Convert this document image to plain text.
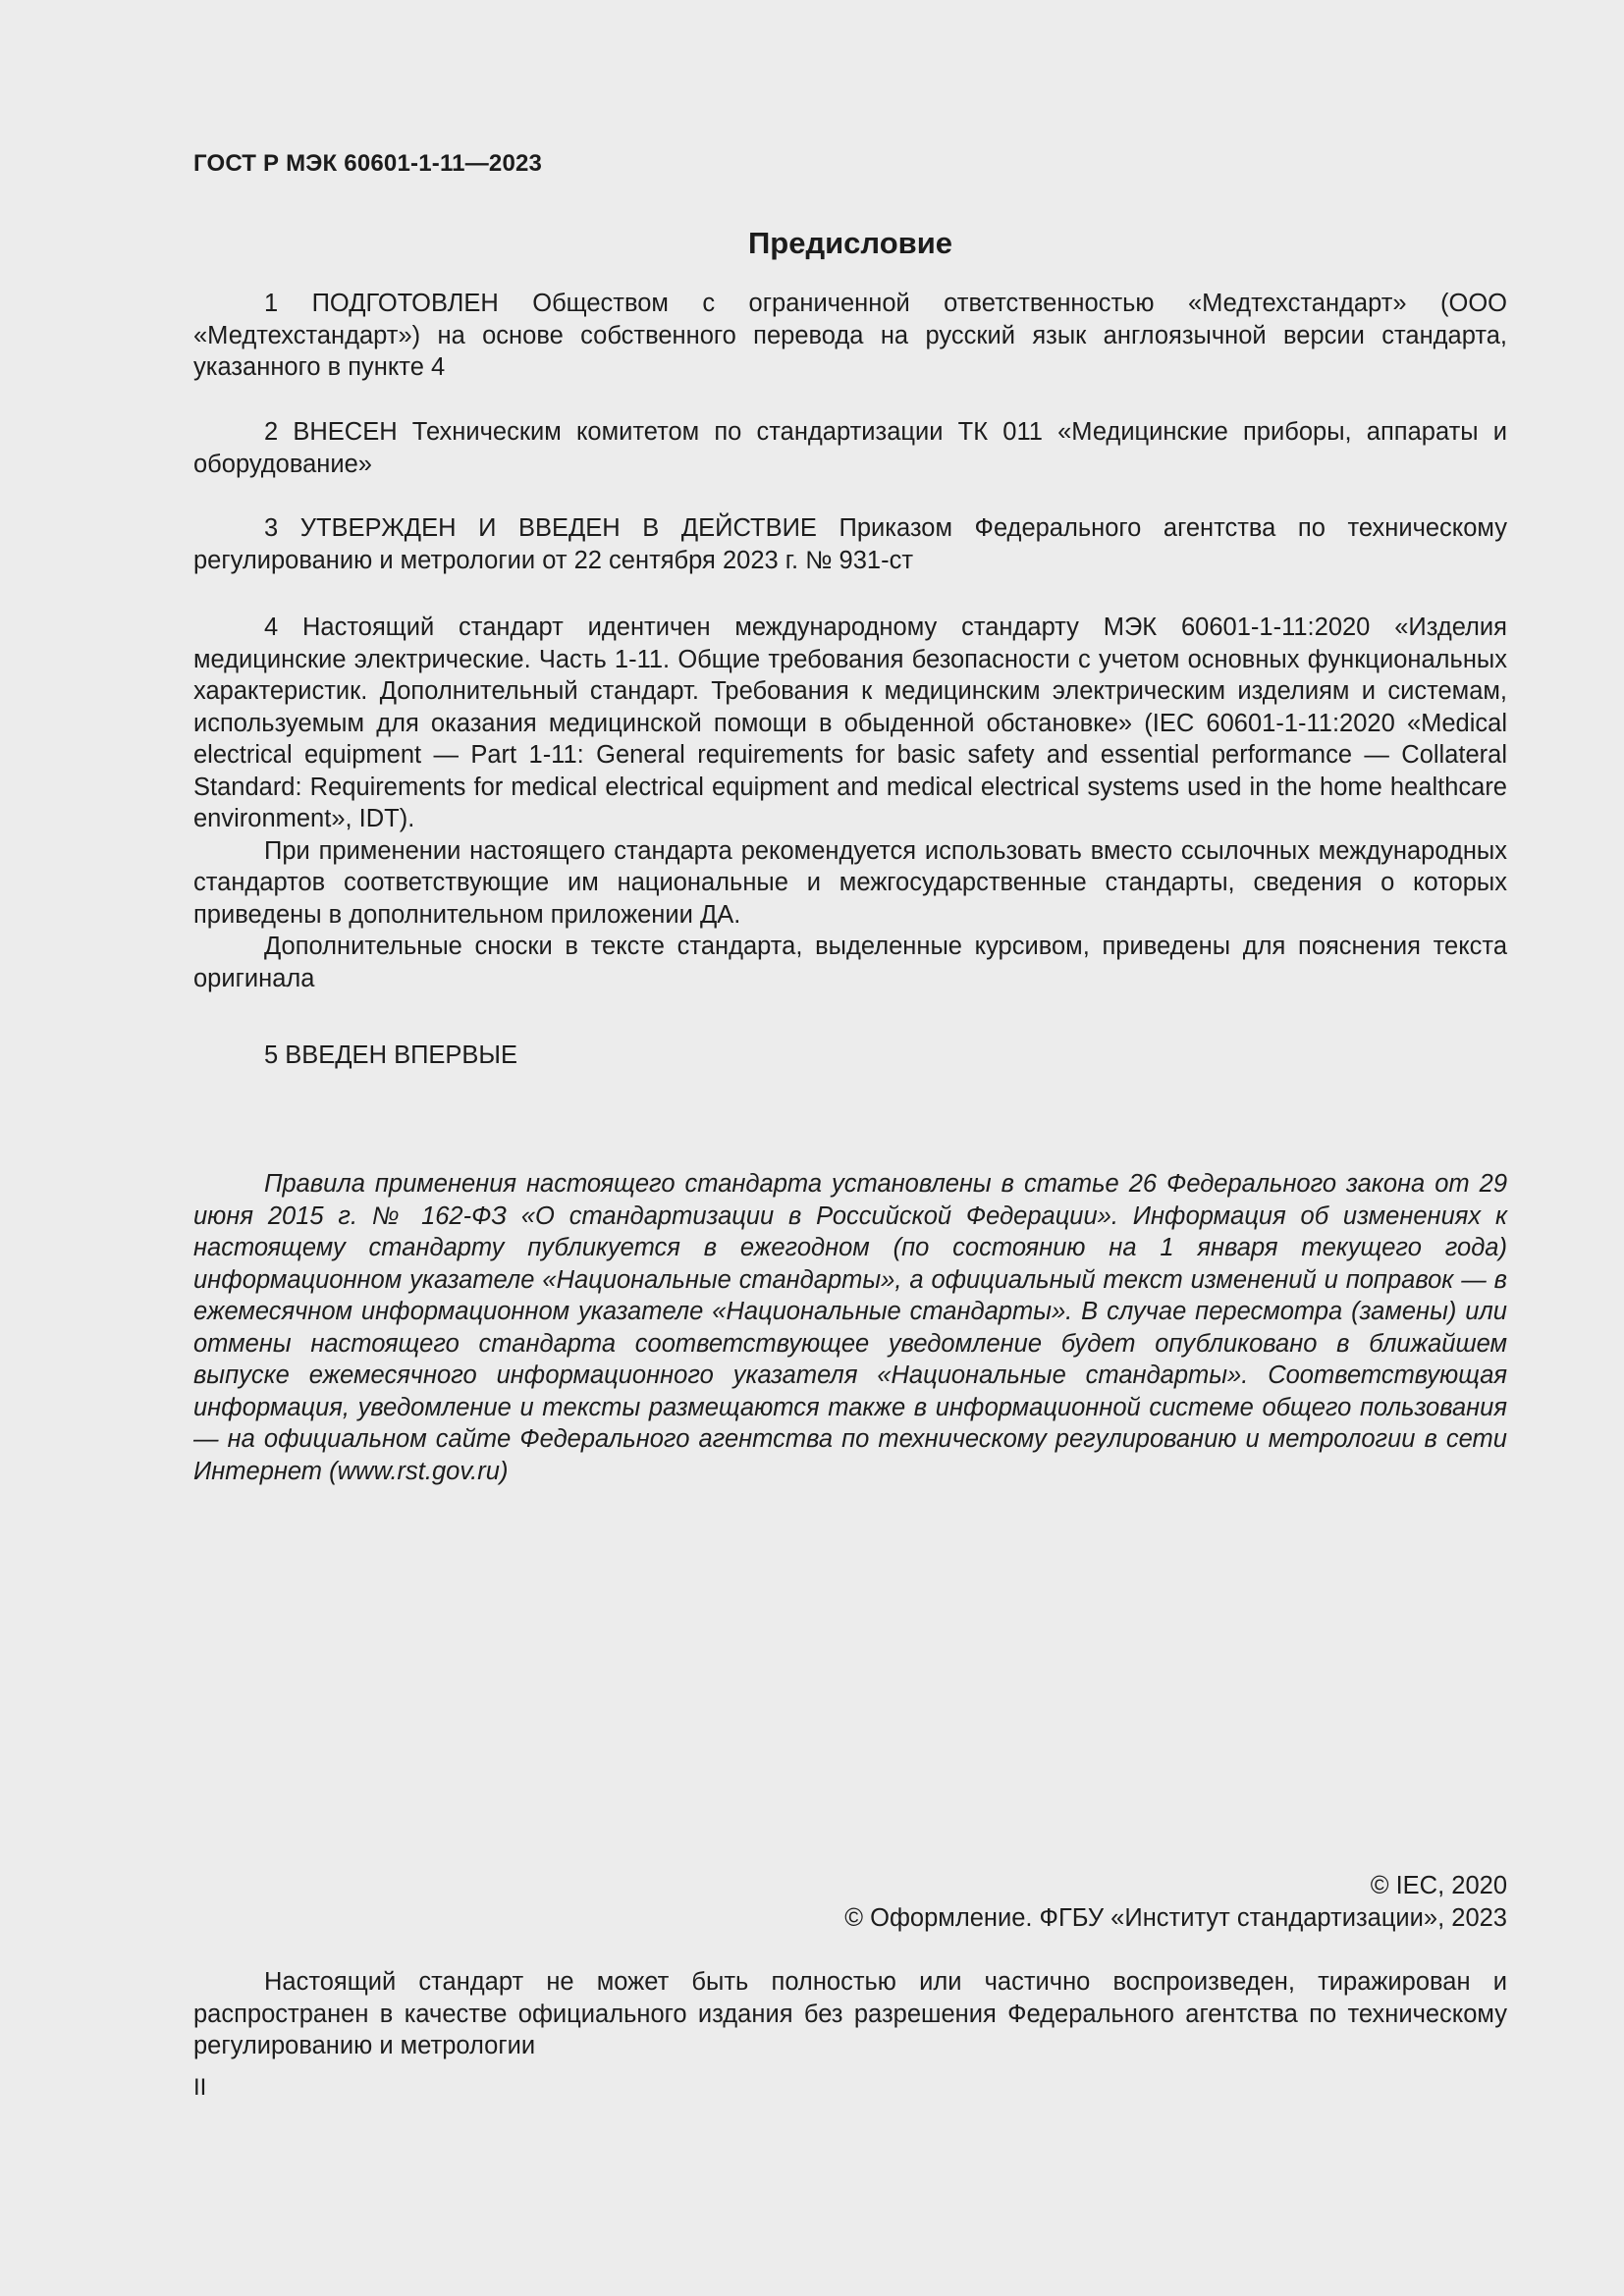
ГОСТ Р МЭК 60601-1-11—2023
Предисловие

1 ПОДГОТОВЛЕН Обществом с ограниченной ответственностью «Медтехстандарт» (ООО «Медтехстандарт») на основе собственного перевода на русский язык англоязычной версии стандарта, указанного в пункте 4

2 ВНЕСЕН Техническим комитетом по стандартизации ТК 011 «Медицинские приборы, аппараты и оборудование»

3 УТВЕРЖДЕН И ВВЕДЕН В ДЕЙСТВИЕ Приказом Федерального агентства по техническому регулированию и метрологии от 22 сентября 2023 г. № 931-ст

4 Настоящий стандарт идентичен международному стандарту МЭК 60601-1-11:2020 «Изделия медицинские электрические. Часть 1-11. Общие требования безопасности с учетом основных функциональных характеристик. Дополнительный стандарт. Требования к медицинским электрическим изделиям и системам, используемым для оказания медицинской помощи в обыденной обстановке» (IEC 60601-1-11:2020 «Medical electrical equipment — Part 1-11: General requirements for basic safety and essential performance — Collateral Standard: Requirements for medical electrical equipment and medical electrical systems used in the home healthcare environment», IDT).

При применении настоящего стандарта рекомендуется использовать вместо ссылочных международных стандартов соответствующие им национальные и межгосударственные стандарты, сведения о которых приведены в дополнительном приложении ДА.

Дополнительные сноски в тексте стандарта, выделенные курсивом, приведены для пояснения текста оригинала

5 ВВЕДЕН ВПЕРВЫЕ

Правила применения настоящего стандарта установлены в статье 26 Федерального закона от 29 июня 2015 г. № 162-ФЗ «О стандартизации в Российской Федерации». Информация об изменениях к настоящему стандарту публикуется в ежегодном (по состоянию на 1 января текущего года) информационном указателе «Национальные стандарты», а официальный текст изменений и поправок — в ежемесячном информационном указателе «Национальные стандарты». В случае пересмотра (замены) или отмены настоящего стандарта соответствующее уведомление будет опубликовано в ближайшем выпуске ежемесячного информационного указателя «Национальные стандарты». Соответствующая информация, уведомление и тексты размещаются также в информационной системе общего пользования — на официальном сайте Федерального агентства по техническому регулированию и метрологии в сети Интернет (www.rst.gov.ru)

© IEC, 2020
© Оформление. ФГБУ «Институт стандартизации», 2023

Настоящий стандарт не может быть полностью или частично воспроизведен, тиражирован и распространен в качестве официального издания без разрешения Федерального агентства по техническому регулированию и метрологии

II
